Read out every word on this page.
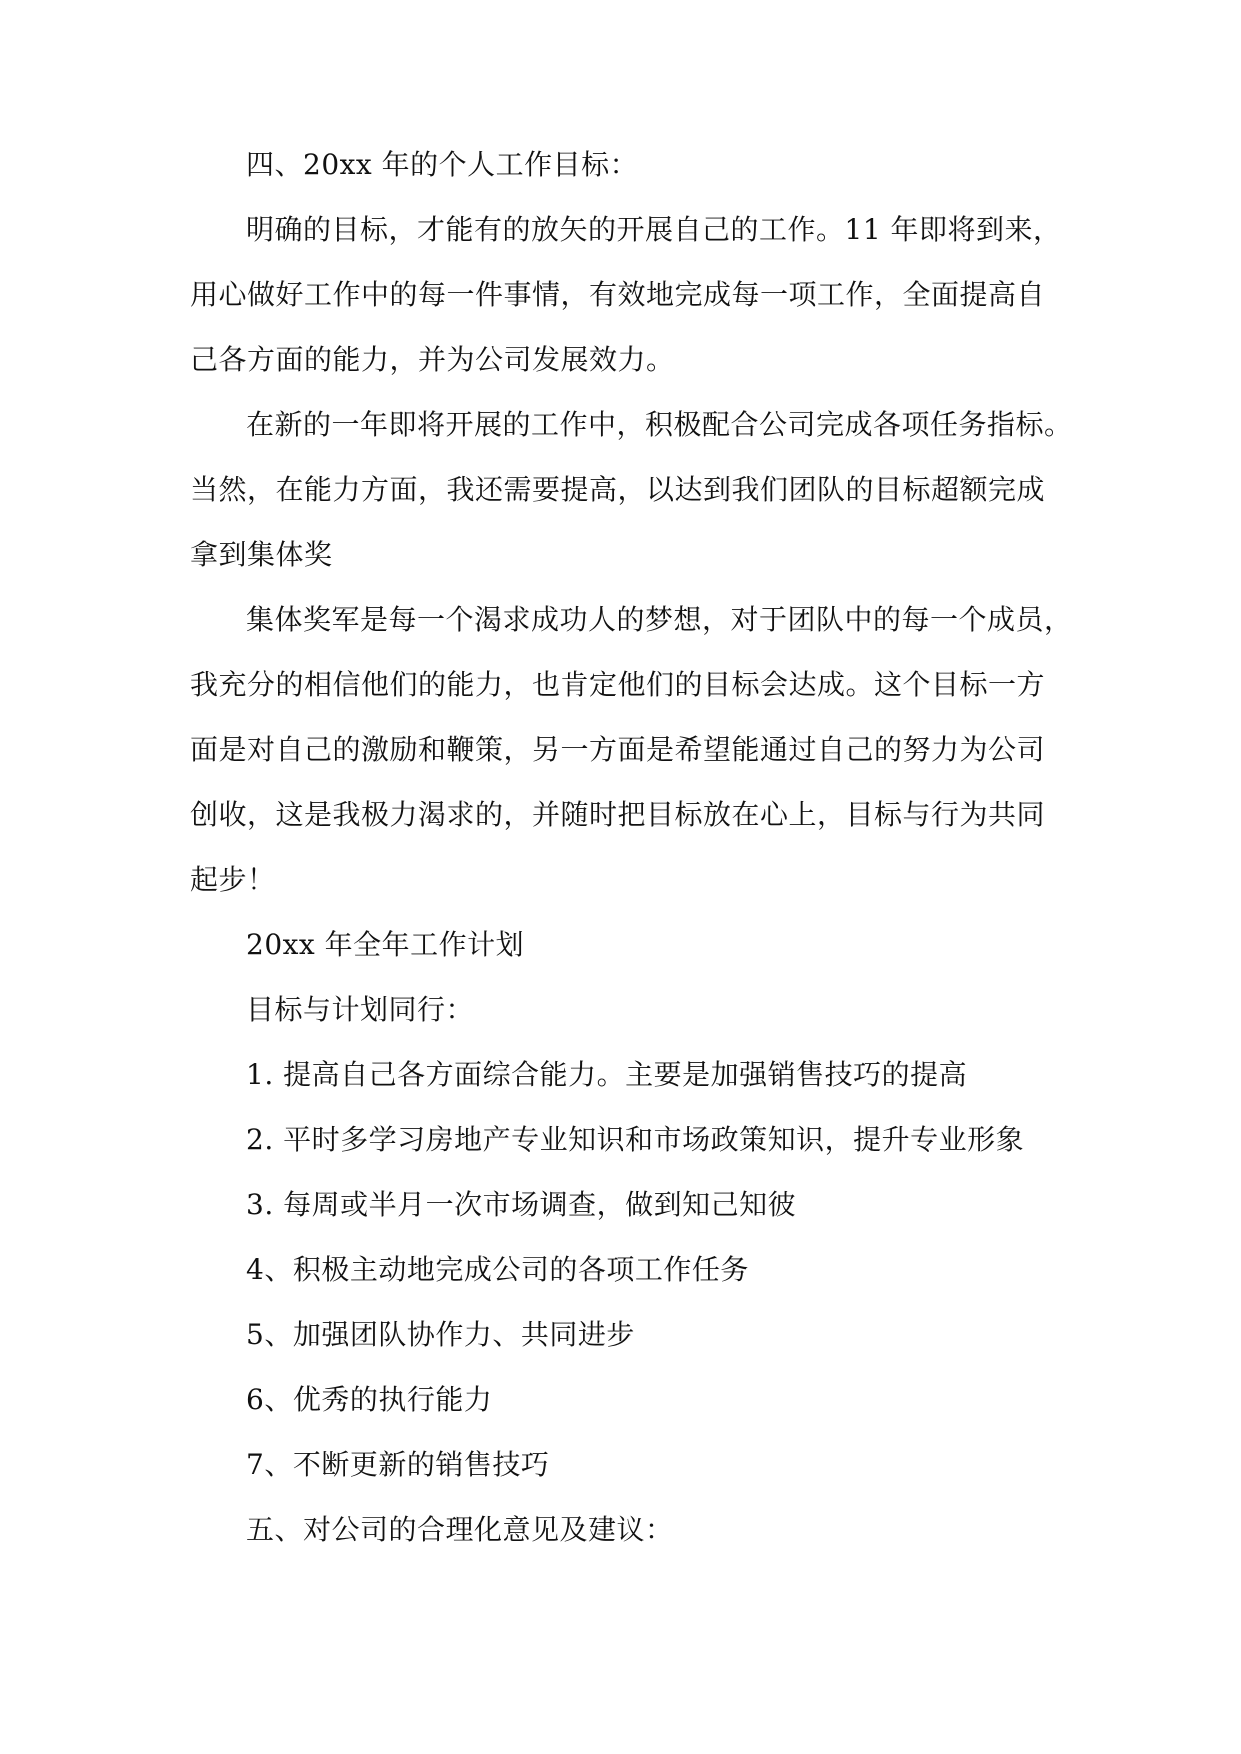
四、20xx 年的个人工作目标：
明确的目标，才能有的放矢的开展自己的工作。11 年即将到来，
用心做好工作中的每一件事情，有效地完成每一项工作，全面提高自
己各方面的能力，并为公司发展效力。
在新的一年即将开展的工作中，积极配合公司完成各项任务指标。
当然，在能力方面，我还需要提高，以达到我们团队的目标超额完成
拿到集体奖
集体奖军是每一个渴求成功人的梦想，对于团队中的每一个成员，
我充分的相信他们的能力，也肯定他们的目标会达成。这个目标一方
面是对自己的激励和鞭策，另一方面是希望能通过自己的努力为公司
创收，这是我极力渴求的，并随时把目标放在心上，目标与行为共同
起步！
20xx 年全年工作计划
目标与计划同行：
1. 提高自己各方面综合能力。主要是加强销售技巧的提高
2. 平时多学习房地产专业知识和市场政策知识，提升专业形象
3. 每周或半月一次市场调查，做到知己知彼
4、积极主动地完成公司的各项工作任务
5、加强团队协作力、共同进步
6、优秀的执行能力
7、不断更新的销售技巧
五、对公司的合理化意见及建议：
